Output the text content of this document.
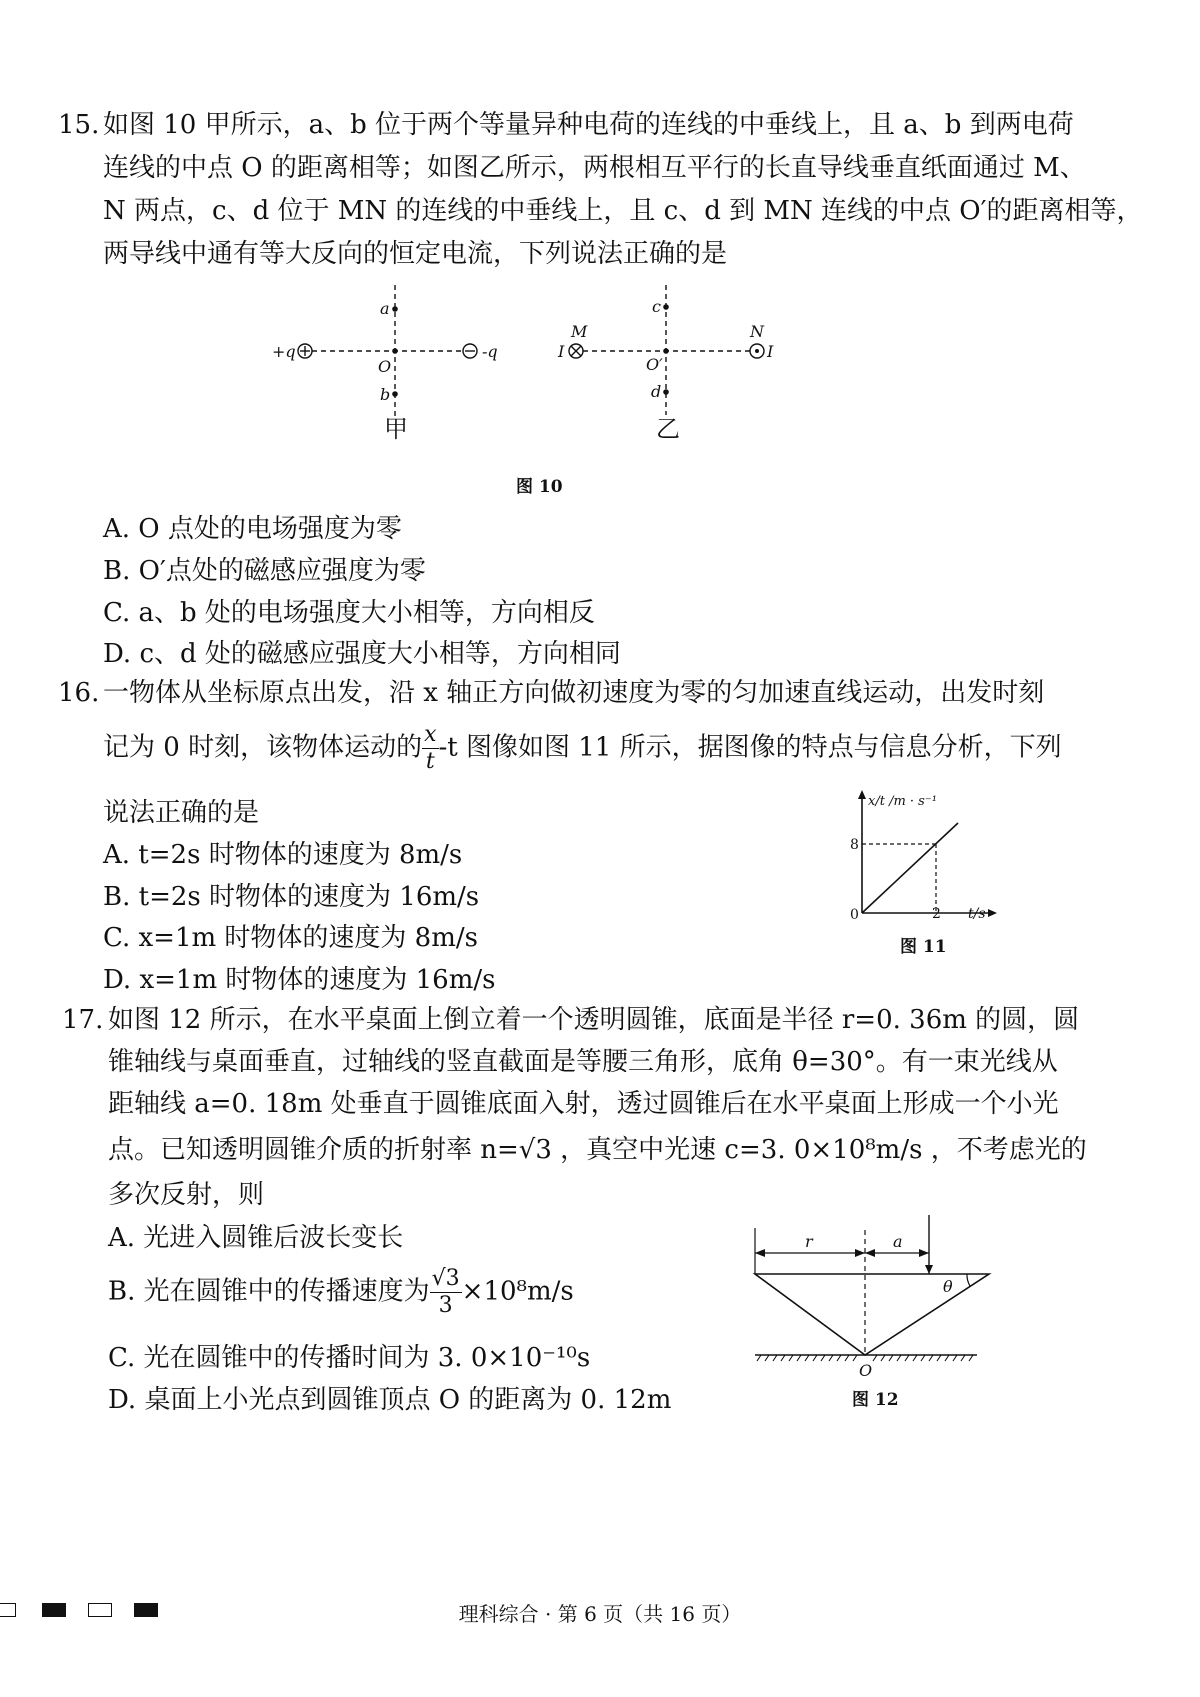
15. 如图 10 甲所示，a、b 位于两个等量异种电荷的连线的中垂线上，且 a、b 到两电荷
连线的中点 O 的距离相等；如图乙所示，两根相互平行的长直导线垂直纸面通过 M、
N 两点，c、d 位于 MN 的连线的中垂线上，且 c、d 到 MN 连线的中点 O′的距离相等，
两导线中通有等大反向的恒定电流，下列说法正确的是
+q	-q
a
O
b
甲
M
I
N
I
c
O′
d
乙
图 10
A. O 点处的电场强度为零
B. O′点处的磁感应强度为零
C. a、b 处的电场强度大小相等，方向相反
D. c、d 处的磁感应强度大小相等，方向相同
16. 一物体从坐标原点出发，沿 x 轴正方向做初速度为零的匀加速直线运动，出发时刻
记为 0 时刻，该物体运动的 $\frac{x}{t} -t$ 图像如图 11 所示，据图像的特点与信息分析，下列
说法正确的是
A. t=2s 时物体的速度为 8m/s
B. t=2s 时物体的速度为 16m/s
C. x=1m 时物体的速度为 8m/s
D. x=1m 时物体的速度为 16m/s
x/t /m · s⁻¹
8
0	2 t/s
图 11
17. 如图 12 所示，在水平桌面上倒立着一个透明圆锥，底面是半径 r=0. 36m 的圆，圆
锥轴线与桌面垂直，过轴线的竖直截面是等腰三角形，底角 θ=30°。有一束光线从
距轴线 a=0. 18m 处垂直于圆锥底面入射，透过圆锥后在水平桌面上形成一个小光
点。已知透明圆锥介质的折射率 n=√3 ，真空中光速 c=3. 0×10⁸m/s ，不考虑光的
多次反射，则
A. 光进入圆锥后波长变长
B. 光在圆锥中的传播速度为 $\frac{√3}{3} \times 10^8m/s$
C. 光在圆锥中的传播时间为 3. 0×10⁻¹⁰s
D. 桌面上小光点到圆锥顶点 O 的距离为 0. 12m
r	a
θ
O
图 12
理科综合 · 第 6 页（共 16 页）
